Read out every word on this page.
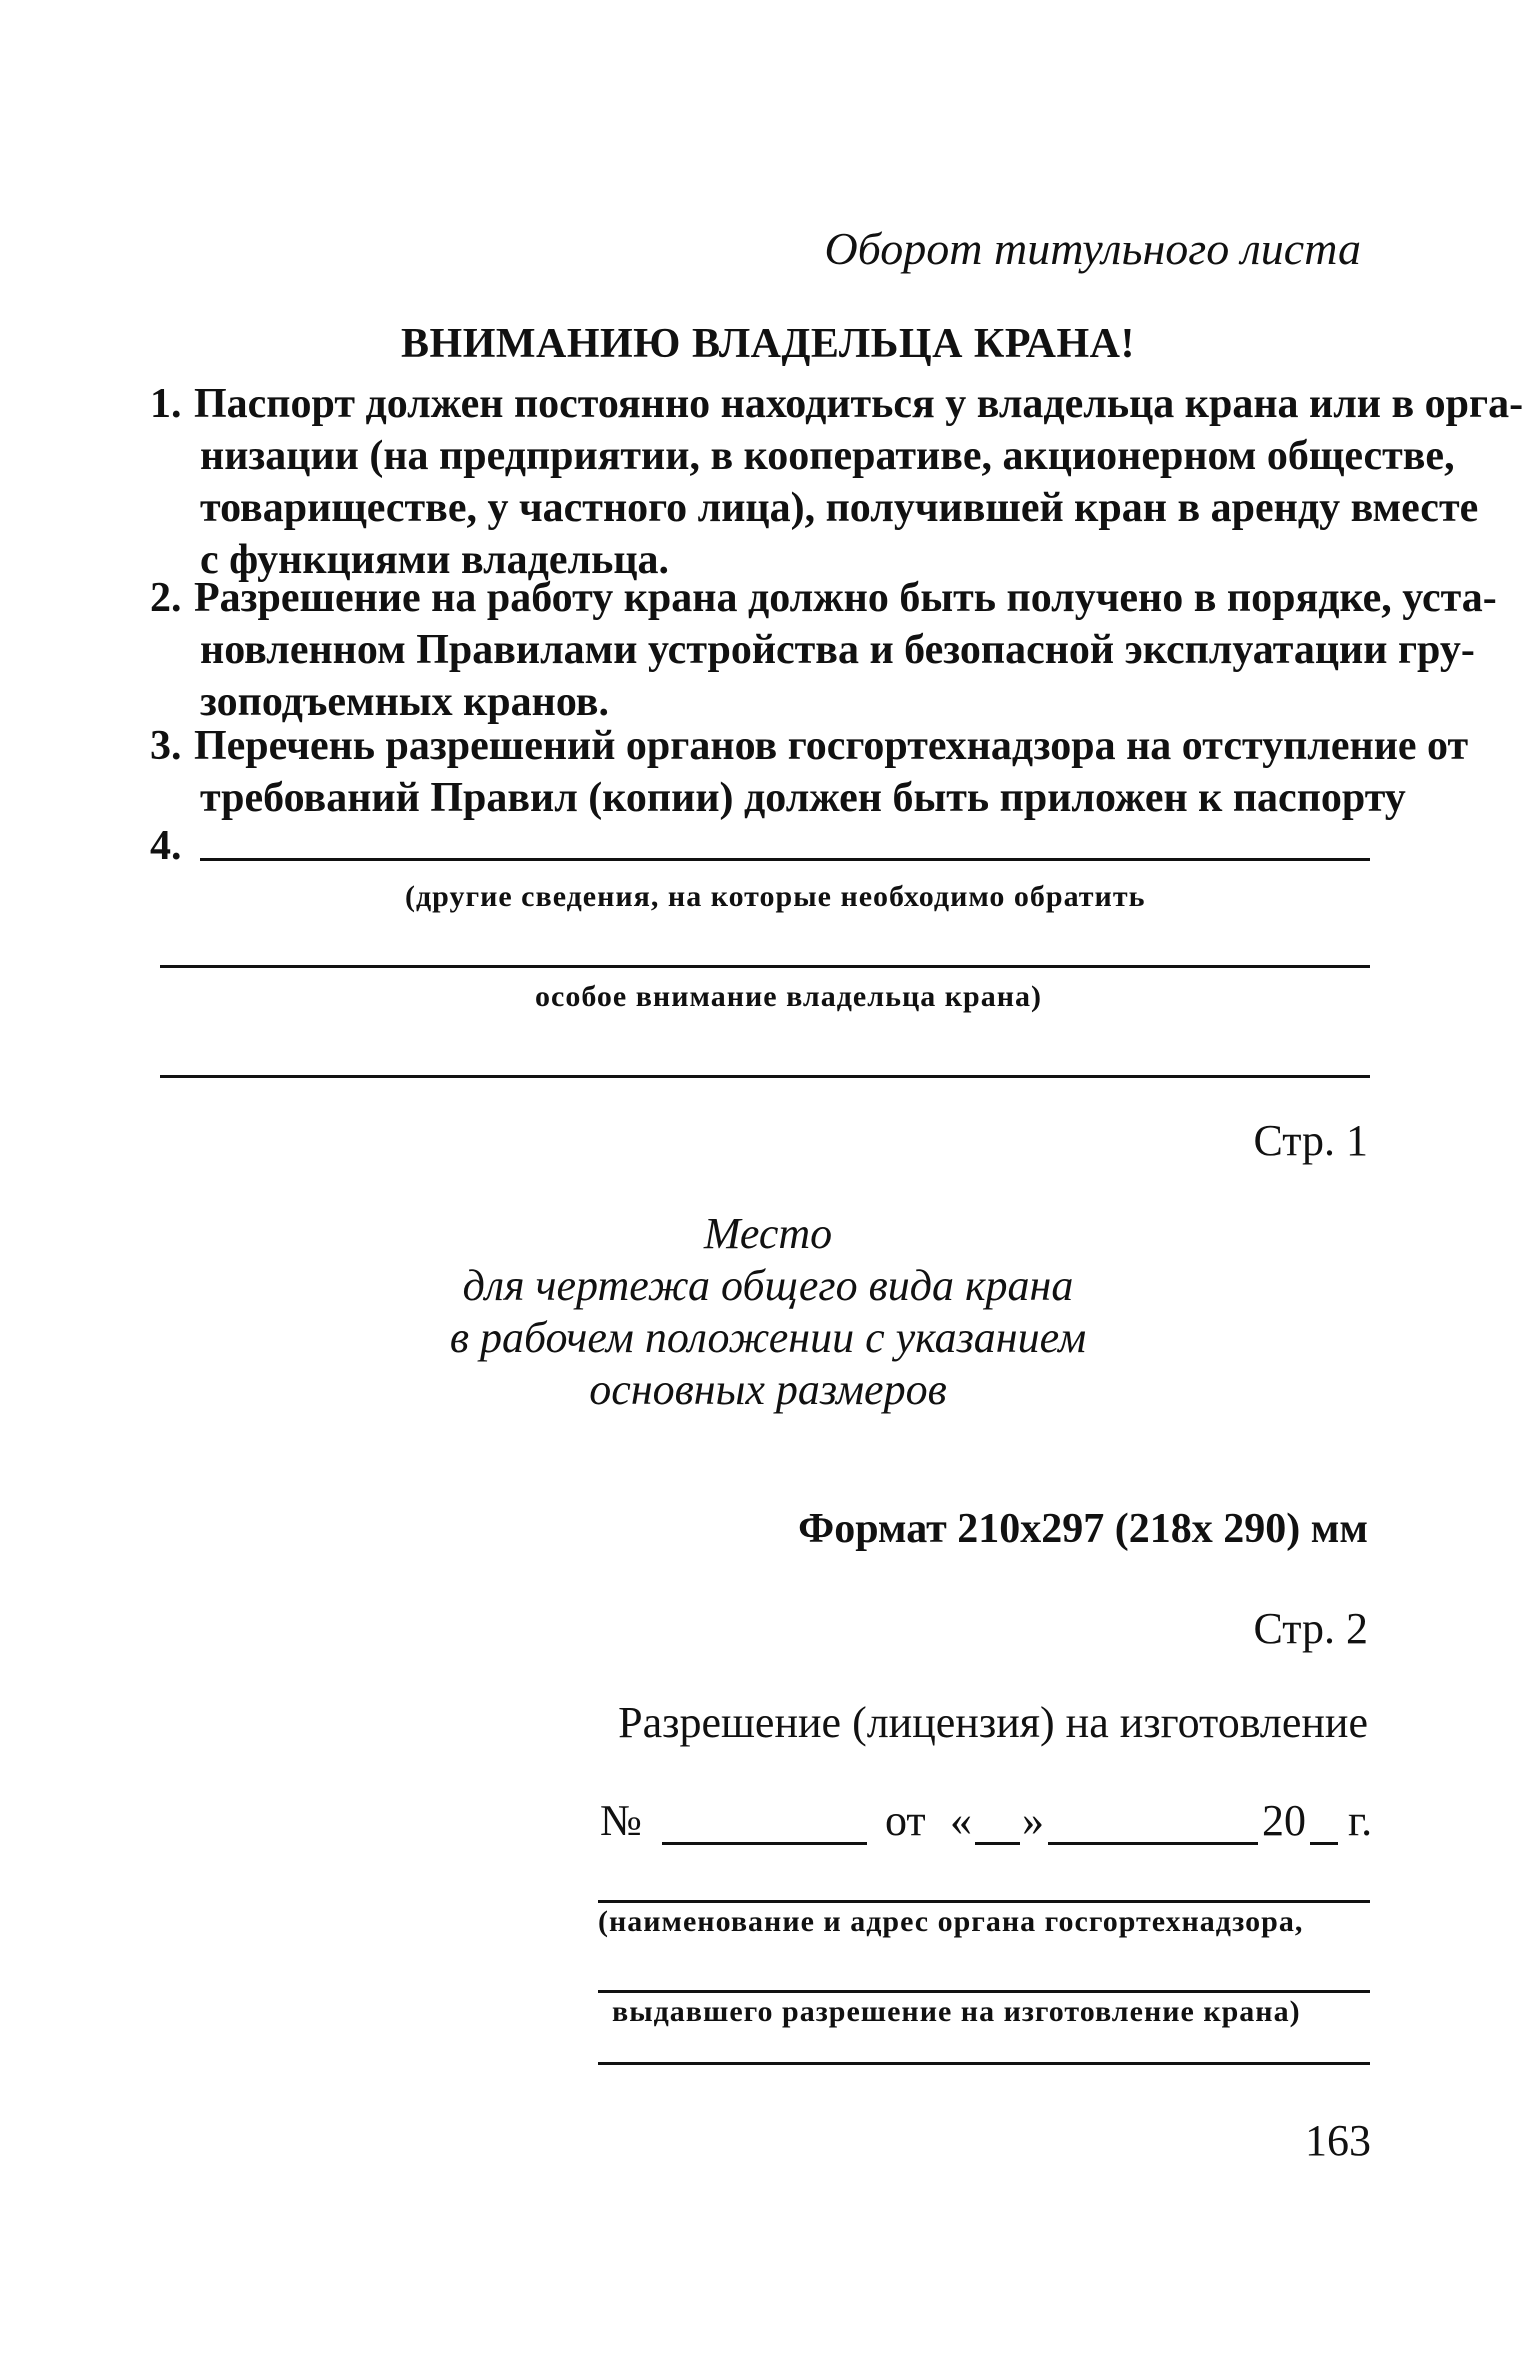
Оборот титульного листа
ВНИМАНИЮ ВЛАДЕЛЬЦА КРАНА!
1. Паспорт должен постоянно находиться у владельца крана или в орга-
низации (на предприятии, в кооперативе, акционерном обществе,
товариществе, у частного лица), получившей кран в аренду вместе
с функциями владельца.
2. Разрешение на работу крана должно быть получено в порядке, уста-
новленном Правилами устройства и безопасной эксплуатации гру-
зоподъемных кранов.
3. Перечень разрешений органов госгортехнадзора на отступление от
требований Правил (копии) должен быть приложен к паспорту
4.
(другие сведения, на которые необходимо обратить
особое внимание владельца крана)
Стр. 1
Место
для чертежа общего вида крана
в рабочем положении с указанием
основных размеров
Формат 210x297 (218x 290) мм
Стр. 2
Разрешение (лицензия) на изготовление
№	от « »	20 г.
(наименование и адрес органа госгортехнадзора,
выдавшего разрешение на изготовление крана)
163
